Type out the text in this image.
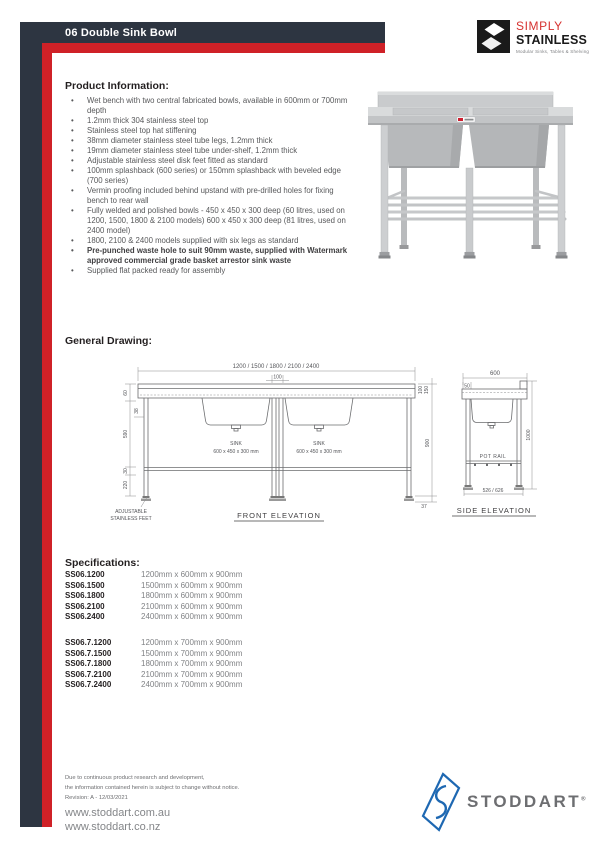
06 Double Sink Bowl	SIMPLY
STAINLESS
Modular Sinks, Tables & Shelving
Product Information:
• Wet bench with two central fabricated bowls, available in 600mm or 700mm depth
• 1.2mm thick 304 stainless steel top
• Stainless steel top hat stiffening
• 38mm diameter stainless steel tube legs, 1.2mm thick
• 19mm diameter stainless steel tube under-shelf, 1.2mm thick
• Adjustable stainless steel disk feet fitted as standard
• 100mm splashback (600 series) or 150mm splashback with beveled edge (700 series)
• Vermin proofing included behind upstand with pre-drilled holes for fixing bench to rear wall
• Fully welded and polished bowls - 450 x 450 x 300 deep (60 litres, used on 1200, 1500, 1800 & 2100 models) 600 x 450 x 300 deep (81 litres, used on 2400 model)
• 1800, 2100 & 2400 models supplied with six legs as standard
• Pre-punched waste hole to suit 90mm waste, supplied with Watermark approved commercial grade basket arrestor sink waste
• Supplied flat packed ready for assembly
General Drawing:
1200 / 1500 / 1800 / 2100 / 2400
100
SINK
600 x 450 x 300 mm
SINK
600 x 450 x 300 mm
60
38
590
30
220
100 150
900
37
ADJUSTABLE
STAINLESS FEET	FRONT ELEVATION
600
50
POT RAIL
1000
526 / 626
SIDE ELEVATION
Specifications:
SS06.1200	1200mm x 600mm x 900mm
SS06.1500	1500mm x 600mm x 900mm
SS06.1800	1800mm x 600mm x 900mm
SS06.2100	2100mm x 600mm x 900mm
SS06.2400	2400mm x 600mm x 900mm
SS06.7.1200	1200mm x 700mm x 900mm
SS06.7.1500	1500mm x 700mm x 900mm
SS06.7.1800	1800mm x 700mm x 900mm
SS06.7.2100	2100mm x 700mm x 900mm
SS06.7.2400	2400mm x 700mm x 900mm
Due to continuous product research and development,
the information contained herein is subject to change without notice.
Revision: A - 12/03/2021
www.stoddart.com.au
www.stoddart.co.nz
STODDART®
